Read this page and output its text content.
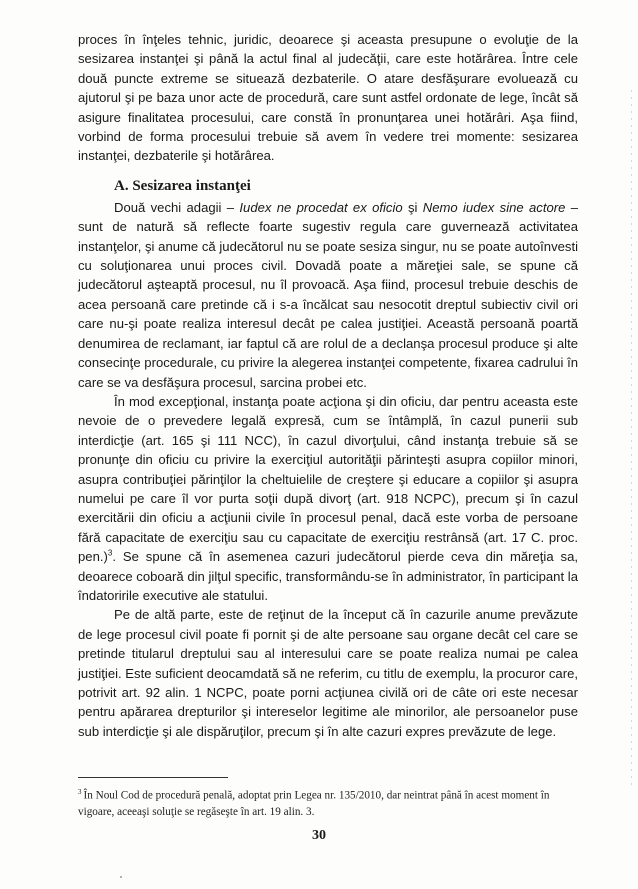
proces în înţeles tehnic, juridic, deoarece şi aceasta presupune o evoluţie de la sesizarea instanţei şi până la actul final al judecăţii, care este hotărârea. Între cele două puncte extreme se situează dezbaterile. O atare desfăşurare evoluează cu ajutorul şi pe baza unor acte de procedură, care sunt astfel ordonate de lege, încât să asigure finalitatea procesului, care constă în pronunţarea unei hotărâri. Aşa fiind, vorbind de forma procesului trebuie să avem în vedere trei momente: sesizarea instanţei, dezbaterile şi hotărârea.

A. Sesizarea instanţei

Două vechi adagii – Iudex ne procedat ex oficio şi Nemo iudex sine actore – sunt de natură să reflecte foarte sugestiv regula care guvernează activitatea instanţelor, şi anume că judecătorul nu se poate sesiza singur, nu se poate autoînvesti cu soluţionarea unui proces civil. Dovadă poate a măreţiei sale, se spune că judecătorul aşteaptă procesul, nu îl provoacă. Aşa fiind, procesul trebuie deschis de acea persoană care pretinde că i s-a încălcat sau nesocotit dreptul subiectiv civil ori care nu-şi poate realiza interesul decât pe calea justiţiei. Această persoană poartă denumirea de reclamant, iar faptul că are rolul de a declanşa procesul produce şi alte consecinţe procedurale, cu privire la alegerea instanţei competente, fixarea cadrului în care se va desfăşura procesul, sarcina probei etc.

În mod excepţional, instanţa poate acţiona şi din oficiu, dar pentru aceasta este nevoie de o prevedere legală expresă, cum se întâmplă, în cazul punerii sub interdicţie (art. 165 şi 111 NCC), în cazul divorţului, când instanţa trebuie să se pronunţe din oficiu cu privire la exerciţiul autorităţii părinteşti asupra copiilor minori, asupra contribuţiei părinţilor la cheltuielile de creştere şi educare a copiilor şi asupra numelui pe care îl vor purta soţii după divorţ (art. 918 NCPC), precum şi în cazul exercitării din oficiu a acţiunii civile în procesul penal, dacă este vorba de persoane fără capacitate de exerciţiu sau cu capacitate de exerciţiu restrânsă (art. 17 C. proc. pen.)$^3$. Se spune că în asemenea cazuri judecătorul pierde ceva din măreţia sa, deoarece coboară din jilţul specific, transformându-se în administrator, în participant la îndatoririle executive ale statului.

Pe de altă parte, este de reţinut de la început că în cazurile anume prevăzute de lege procesul civil poate fi pornit şi de alte persoane sau organe decât cel care se pretinde titularul dreptului sau al interesului care se poate realiza numai pe calea justiţiei. Este suficient deocamdată să ne referim, cu titlu de exemplu, la procuror care, potrivit art. 92 alin. 1 NCPC, poate porni acţiunea civilă ori de câte ori este necesar pentru apărarea drepturilor şi intereselor legitime ale minorilor, ale persoanelor puse sub interdicţie şi ale dispăruţilor, precum şi în alte cazuri expres prevăzute de lege.

$^3$ În Noul Cod de procedură penală, adoptat prin Legea nr. 135/2010, dar neintrat până în acest moment în vigoare, aceeaşi soluţie se regăseşte în art. 19 alin. 3.

30
